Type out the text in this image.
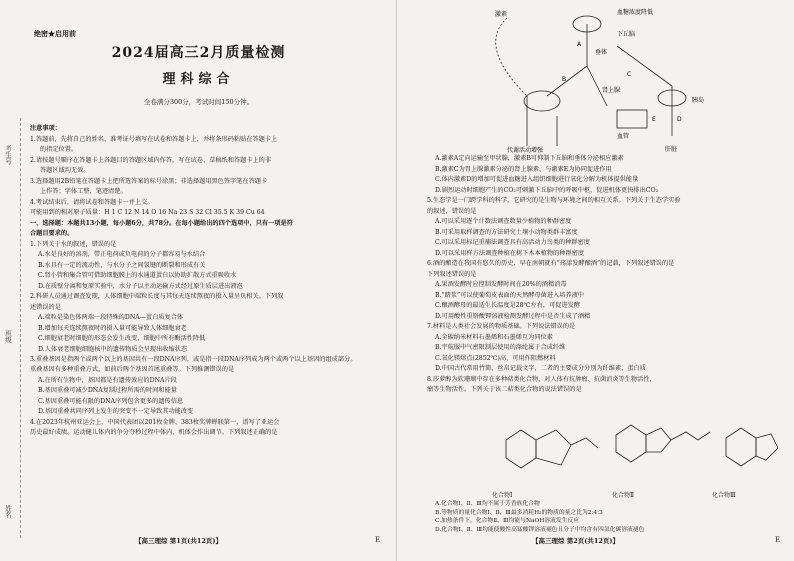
绝密★启用前
2024届高三2月质量检测
理科综合
全卷满分300分，考试时间150分钟。
考生号
班级
姓名

注意事项：

1.答题前，先将自己的姓名、准考证号填写在试卷和答题卡上，并将条形码粘贴在答题卡上

的指定位置。

2.请按题号顺序在答题卡上各题目的答题区域内作答，写在试卷、草稿纸和答题卡上的非

答题区域均无效。

3.选择题用2B铅笔在答题卡上把所选答案的标号涂黑；非选择题用黑色签字笔在答题卡

上作答；字体工整，笔迹清楚。

4.考试结束后，请将试卷和答题卡一并上交。

可能用到的相对原子质量：H 1 C 12 N 14 O 16 Na 23 S 32 Cl 35.5 K 39 Cu 64

一、选择题：本题共13小题，每小题6分，共78分。在每小题给出的四个选项中，只有一项是符

合题目要求的。

1.下列关于水的叙述，错误的是

A.水是良好的溶剂，带正电荷或负电荷的分子都容易与水结合

B.水具有一定的流动性，与水分子之间氢键的断裂和形成有关

C.肾小管和集合管可借助细胞膜上的水通道蛋白以协助扩散方式重吸收水

D.在质壁分离和复原实验中，水分子以主动运输方式经过原生质层进出液泡

2.科研人员通过调查发现，人体细胞中端粒长度与其每天连续熬夜的摄入量呈负相关。下列叙

述错误的是

A.端粒是染色体两端一段特殊的DNA—蛋白质复合体

B.增加每天连续熬夜时的摄入量可能导致人体细胞衰老

C.细胞衰老时细胞的形态会发生改变，细胞中所有酶活性降低

D.人体衰老细胞细胞核中的遗传物质会呈现出收缩状态

3.重叠基因是指两个或两个以上的基因共有一段DNA序列，或是指一段DNA序列成为两个或两个以上基因的组成部分。

重叠基因有多种重叠方式，如前后两个基因首尾重叠等。下列推测错误的是

A.在所有生物中，基因都是有遗传效应的DNA片段

B.基因重叠可减少DNA复制过程所需的时间和能量

C.基因重叠可能有限的DNA序列包含更多的遗传信息

D.基因重叠共同序列上发生的突变不一定导致其功能改变

4.在2023年杭州亚运会上，中国代表团以201枚金牌、383枚奖牌蝉联第一，谱写了亚运会

历史最好成绩。运动健儿体内的争分夺秒过程中体内，机体会作出调节。下列叙述正确的是

【高三理综 第1页(共12页)】	E
激素	血糖浓度降低
下丘脑
垂体
肾上腺
胰岛
肝脏
代谢活动增强
血管
A
B
C
D
E

A.激素A定向运输至甲状腺，激素B可抑制下丘脑和垂体分泌相应激素

B.激素C为胃上腺激素分泌的肾上腺素，与激素E为协同促进作用

C.体内激素D的增加可促进血糖进入组织细胞进行氧化分解为机体提供能量

D.剧烈运动时细胞产生的CO₂可刺激下丘脑中的呼吸中枢，促进机体更快排出CO₂

5.生态学是一门跨学科的科学，它研究的是生物与环境之间的相互关系。下列关于生态学实验

的叙述，错误的是

A.可以采用逐个计数法调查数量少植物的种群密度

B.可采用取样调查的方法研究土壤小动物类群丰富度

C.可以采用标记重捕法调查具有高活动力鸟类的种群密度

D.可以采用样方法调查种植在树下木本植物的种群密度

6.酒的酿造在我国有悠久的历史，早在南朝就有“荡漾发酵酿酒”的记载，下列叙述错误的是

下列叙述错误的是

A.果酒发酵时应控制发酵时间在20%的酒精消毒

B.“踏浆”可以使葡萄皮表面的天然酵母菌进入培养液中

C.酿酒酵母的最适生长温度是28℃左右，可促进发酵

D.可用酸性重铬酸钾溶液检测发酵过程中是否生成了酒精

7.材料是人类社会发展的物质基础。下列说法错误的是

A.全碳纳米材料石墨烯和石墨烯互为同位素

B.宇航服中气密限制层使用的涤纶属于合成纤维

C.氧化镁熔点(2852℃)高，可用作阻燃材料

D.中国古代常用竹简、丝帛记载文字，二者的主要成分分别为纤维素、蛋白质

8.莎萝醇为软珊瑚中存在多种萜类化合物，对人体有抗肿瘤、抗菌消炎等生物活性，

瘤等生物活性。下列关于该二萜类化合物的说法错误的是

化合物Ⅰ	化合物Ⅱ	化合物Ⅲ

A.化合物Ⅰ、Ⅱ、Ⅲ均不属于芳香族化合物

B.等物质的量化合物Ⅰ、Ⅱ、Ⅲ最多消耗H₂的物质的量之比为2:4:3

C.加热条件下，化合物Ⅱ、Ⅲ均能与NaOH溶液发生反应

D.化合物Ⅰ、Ⅱ、Ⅲ均能使酸性高锰酸钾溶液褪色且分子中均含有四氢化碳溶液褪色

【高三理综 第2页(共12页)】	E
